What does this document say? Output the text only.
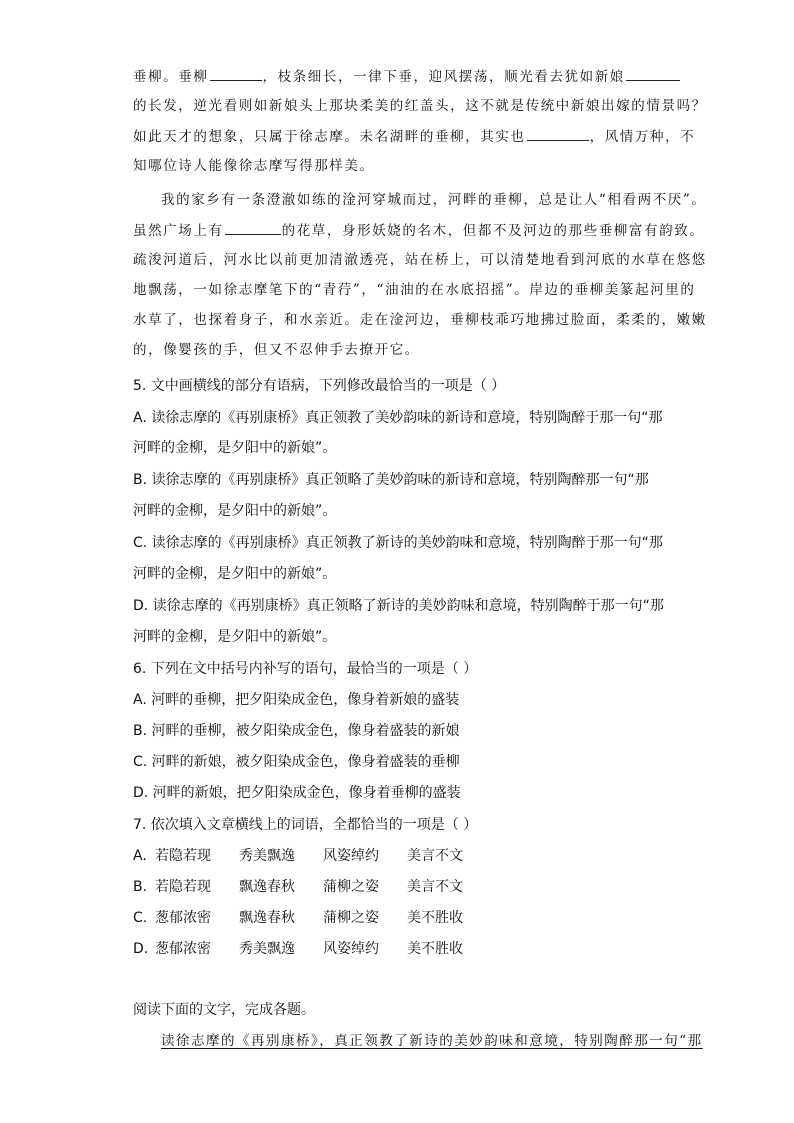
垂柳。垂柳	，枝条细长，一律下垂，迎风摆荡，顺光看去犹如新娘
的长发，逆光看则如新娘头上那块柔美的红盖头，这不就是传统中新娘出嫁的情景吗？
如此天才的想象，只属于徐志摩。未名湖畔的垂柳，其实也	，风情万种，不
知哪位诗人能像徐志摩写得那样美。
我的家乡有一条澄澈如练的淦河穿城而过，河畔的垂柳，总是让人“相看两不厌”。
虽然广场上有	的花草，身形妖娆的名木，但都不及河边的那些垂柳富有韵致。
疏浚河道后，河水比以前更加清澈透亮，站在桥上，可以清楚地看到河底的水草在悠悠
地飘荡，一如徐志摩笔下的“青荇”，“油油的在水底招摇”。岸边的垂柳美篆起河里的
水草了，也探着身子，和水亲近。走在淦河边，垂柳枝乖巧地拂过脸面，柔柔的，嫩嫩
的，像婴孩的手，但又不忍伸手去撩开它。
5. 文中画横线的部分有语病，下列修改最恰当的一项是（ ）
A. 读徐志摩的《再别康桥》真正领教了美妙韵味的新诗和意境，特别陶醉于那一句“那
河畔的金柳，是夕阳中的新娘”。
B. 读徐志摩的《再别康桥》真正领略了美妙韵味的新诗和意境，特别陶醉那一句“那
河畔的金柳，是夕阳中的新娘”。
C. 读徐志摩的《再别康桥》真正领教了新诗的美妙韵味和意境，特别陶醉于那一句“那
河畔的金柳，是夕阳中的新娘”。
D. 读徐志摩的《再别康桥》真正领略了新诗的美妙韵味和意境，特别陶醉于那一句“那
河畔的金柳，是夕阳中的新娘”。
6. 下列在文中括号内补写的语句，最恰当的一项是（ ）
A. 河畔的垂柳，把夕阳染成金色，像身着新娘的盛装
B. 河畔的垂柳，被夕阳染成金色，像身着盛装的新娘
C. 河畔的新娘，被夕阳染成金色，像身着盛装的垂柳
D. 河畔的新娘，把夕阳染成金色，像身着垂柳的盛装
7. 依次填入文章横线上的词语，全都恰当的一项是（ ）
A. 若隐若现	秀美飘逸	风姿绰约	美言不文
B. 若隐若现	飘逸春秋	蒲柳之姿	美言不文
C. 葱郁浓密	飘逸春秋	蒲柳之姿	美不胜收
D. 葱郁浓密	秀美飘逸	风姿绰约	美不胜收
阅读下面的文字，完成各题。
读徐志摩的《再别康桥》，真正领教了新诗的美妙韵味和意境，特别陶醉那一句“那
